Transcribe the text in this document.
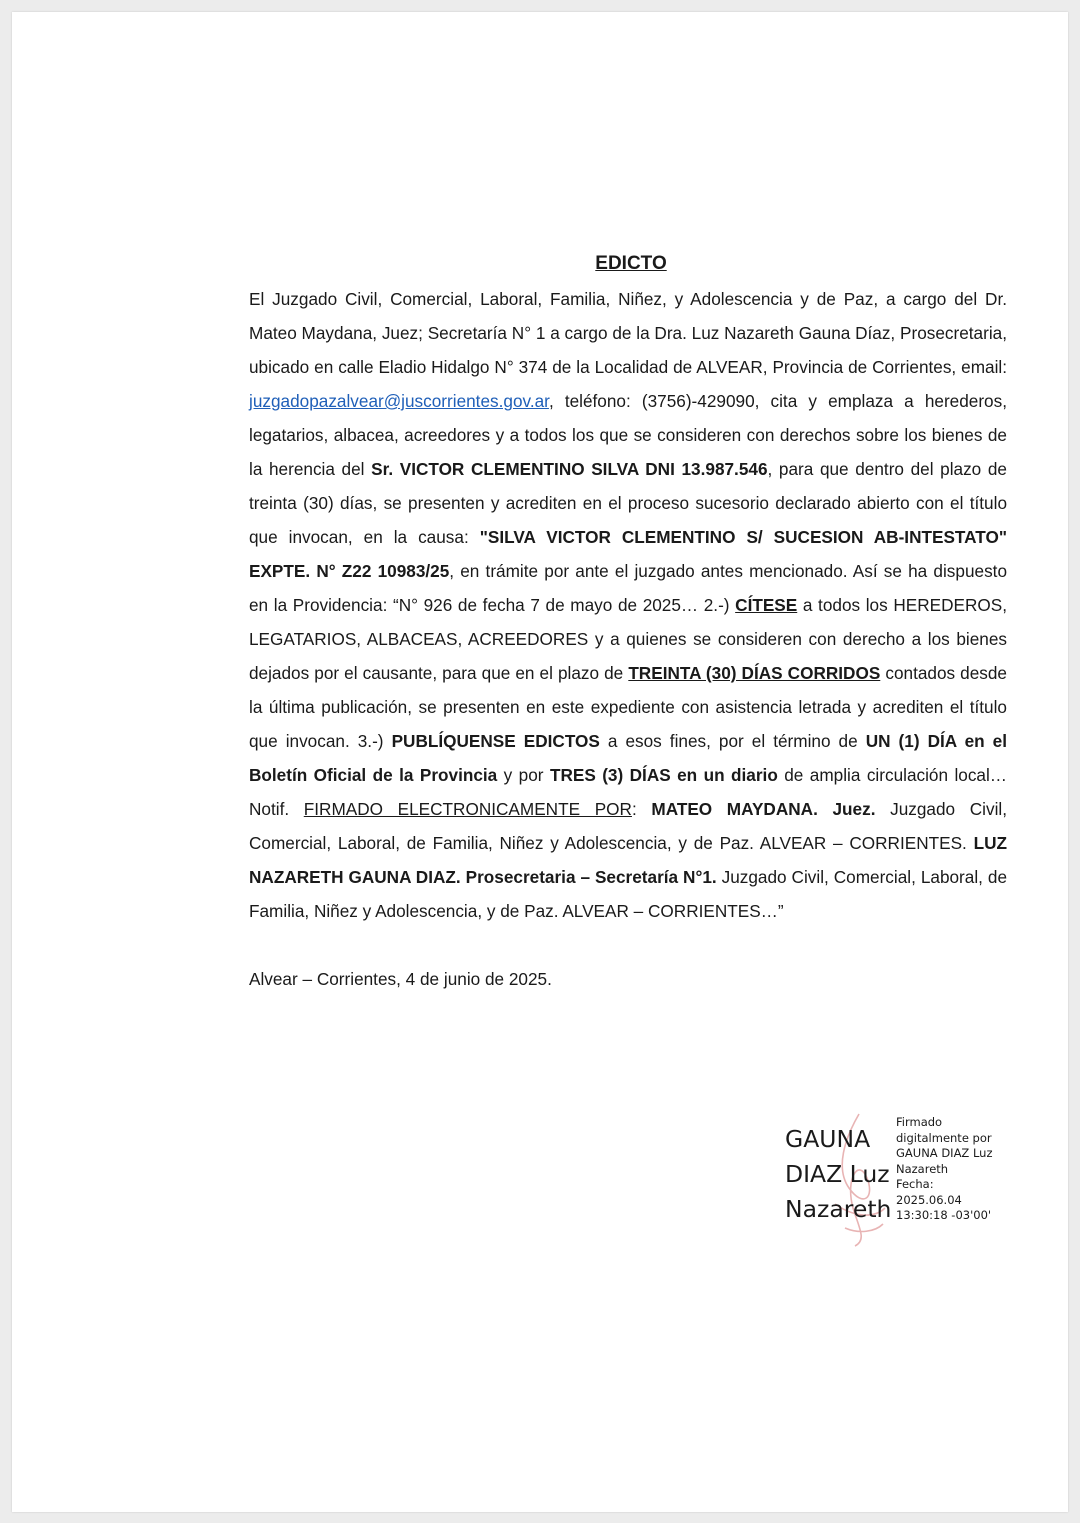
EDICTO

El Juzgado Civil, Comercial, Laboral, Familia, Niñez, y Adolescencia y de Paz, a cargo del Dr. Mateo Maydana, Juez; Secretaría N° 1 a cargo de la Dra. Luz Nazareth Gauna Díaz, Prosecretaria, ubicado en calle Eladio Hidalgo N° 374 de la Localidad de ALVEAR, Provincia de Corrientes, email: juzgadopazalvear@juscorrientes.gov.ar, teléfono: (3756)-429090, cita y emplaza a herederos, legatarios, albacea, acreedores y a todos los que se consideren con derechos sobre los bienes de la herencia del Sr. VICTOR CLEMENTINO SILVA DNI 13.987.546, para que dentro del plazo de treinta (30) días, se presenten y acrediten en el proceso sucesorio declarado abierto con el título que invocan, en la causa: "SILVA VICTOR CLEMENTINO S/ SUCESION AB-INTESTATO" EXPTE. N° Z22 10983/25, en trámite por ante el juzgado antes mencionado. Así se ha dispuesto en la Providencia: “N° 926 de fecha 7 de mayo de 2025… 2.-) CÍTESE a todos los HEREDEROS, LEGATARIOS, ALBACEAS, ACREEDORES y a quienes se consideren con derecho a los bienes dejados por el causante, para que en el plazo de TREINTA (30) DÍAS CORRIDOS contados desde la última publicación, se presenten en este expediente con asistencia letrada y acrediten el título que invocan. 3.-) PUBLÍQUENSE EDICTOS a esos fines, por el término de UN (1) DÍA en el Boletín Oficial de la Provincia y por TRES (3) DÍAS en un diario de amplia circulación local… Notif. FIRMADO ELECTRONICAMENTE POR: MATEO MAYDANA. Juez. Juzgado Civil, Comercial, Laboral, de Familia, Niñez y Adolescencia, y de Paz. ALVEAR – CORRIENTES. LUZ NAZARETH GAUNA DIAZ. Prosecretaria – Secretaría N°1. Juzgado Civil, Comercial, Laboral, de Familia, Niñez y Adolescencia, y de Paz. ALVEAR – CORRIENTES…”

Alvear – Corrientes, 4 de junio de 2025.
GAUNA
DIAZ Luz
Nazareth
Firmado
digitalmente por
GAUNA DIAZ Luz
Nazareth
Fecha:
2025.06.04
13:30:18 -03'00'
